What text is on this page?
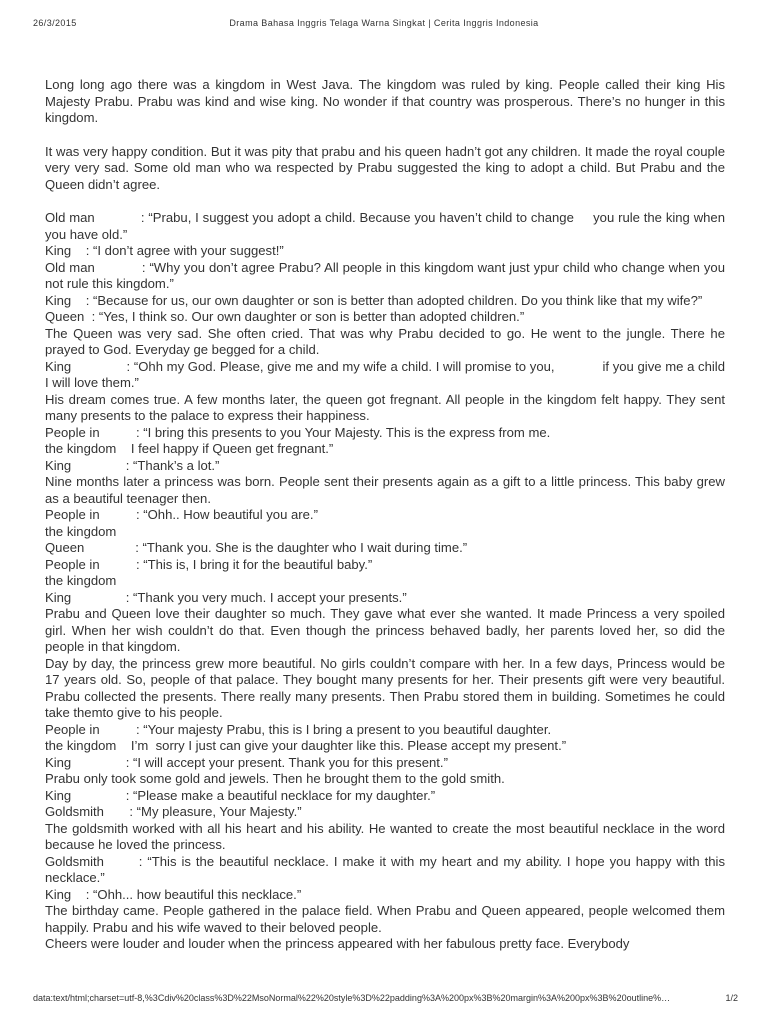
26/3/2015	Drama Bahasa Inggris Telaga Warna Singkat | Cerita Inggris Indonesia

Long long ago there was a kingdom in West Java. The kingdom was ruled by king. People called their king His Majesty Prabu. Prabu was kind and wise king. No wonder if that country was prosperous. There’s no hunger in this kingdom.

It was very happy condition. But it was pity that prabu and his queen hadn’t got any children. It made the royal couple very very sad. Some old man who wa respected by Prabu suggested the king to adopt a child. But Prabu and the Queen didn’t agree.

Old man            : “Prabu, I suggest you adopt a child. Because you haven’t child to change     you rule the king when you have old.”

King    : “I don’t agree with your suggest!”

Old man            : “Why you don’t agree Prabu? All people in this kingdom want just ypur child who change when you not rule this kingdom.”

King    : “Because for us, our own daughter or son is better than adopted children. Do you think like that my wife?”

Queen  : “Yes, I think so. Our own daughter or son is better than adopted children.”

The Queen was very sad. She often cried. That was why Prabu decided to go. He went to the jungle. There he prayed to God. Everyday ge begged for a child.

King               : “Ohh my God. Please, give me and my wife a child. I will promise to you,             if you give me a child I will love them.”

His dream comes true. A few months later, the queen got fregnant. All people in the kingdom felt happy. They sent many presents to the palace to express their happiness.

People in          : “I bring this presents to you Your Majesty. This is the express from me.

the kingdom    I feel happy if Queen get fregnant.”

King               : “Thank’s a lot.”

Nine months later a princess was born. People sent their presents again as a gift to a little princess. This baby grew as a beautiful teenager then.

People in          : “Ohh.. How beautiful you are.”

the kingdom

Queen              : “Thank you. She is the daughter who I wait during time.”

People in          : “This is, I bring it for the beautiful baby.”

the kingdom

King               : “Thank you very much. I accept your presents.”

Prabu and Queen love their daughter so much. They gave what ever she wanted. It made Princess a very spoiled girl. When her wish couldn’t do that. Even though the princess behaved badly, her parents loved her, so did the people in that kingdom.

Day by day, the princess grew more beautiful. No girls couldn’t compare with her. In a few days, Princess would be 17 years old. So, people of that palace. They bought many presents for her. Their presents gift were very beautiful. Prabu collected the presents. There really many presents. Then Prabu stored them in building. Sometimes he could take themto give to his people.

People in          : “Your majesty Prabu, this is I bring a present to you beautiful daughter.

the kingdom    I’m  sorry I just can give your daughter like this. Please accept my present.”

King               : “I will accept your present. Thank you for this present.”

Prabu only took some gold and jewels. Then he brought them to the gold smith.

King               : “Please make a beautiful necklace for my daughter.”

Goldsmith       : “My pleasure, Your Majesty.”

The goldsmith worked with all his heart and his ability. He wanted to create the most beautiful necklace in the word because he loved the princess.

Goldsmith       : “This is the beautiful necklace. I make it with my heart and my ability. I hope you happy with this necklace.”

King    : “Ohh... how beautiful this necklace.”

The birthday came. People gathered in the palace field. When Prabu and Queen appeared, people welcomed them happily. Prabu and his wife waved to their beloved people.

Cheers were louder and louder when the princess appeared with her fabulous pretty face. Everybody

data:text/html;charset=utf-8,%3Cdiv%20class%3D%22MsoNormal%22%20style%3D%22padding%3A%200px%3B%20margin%3A%200px%3B%20outline%…	1/2
